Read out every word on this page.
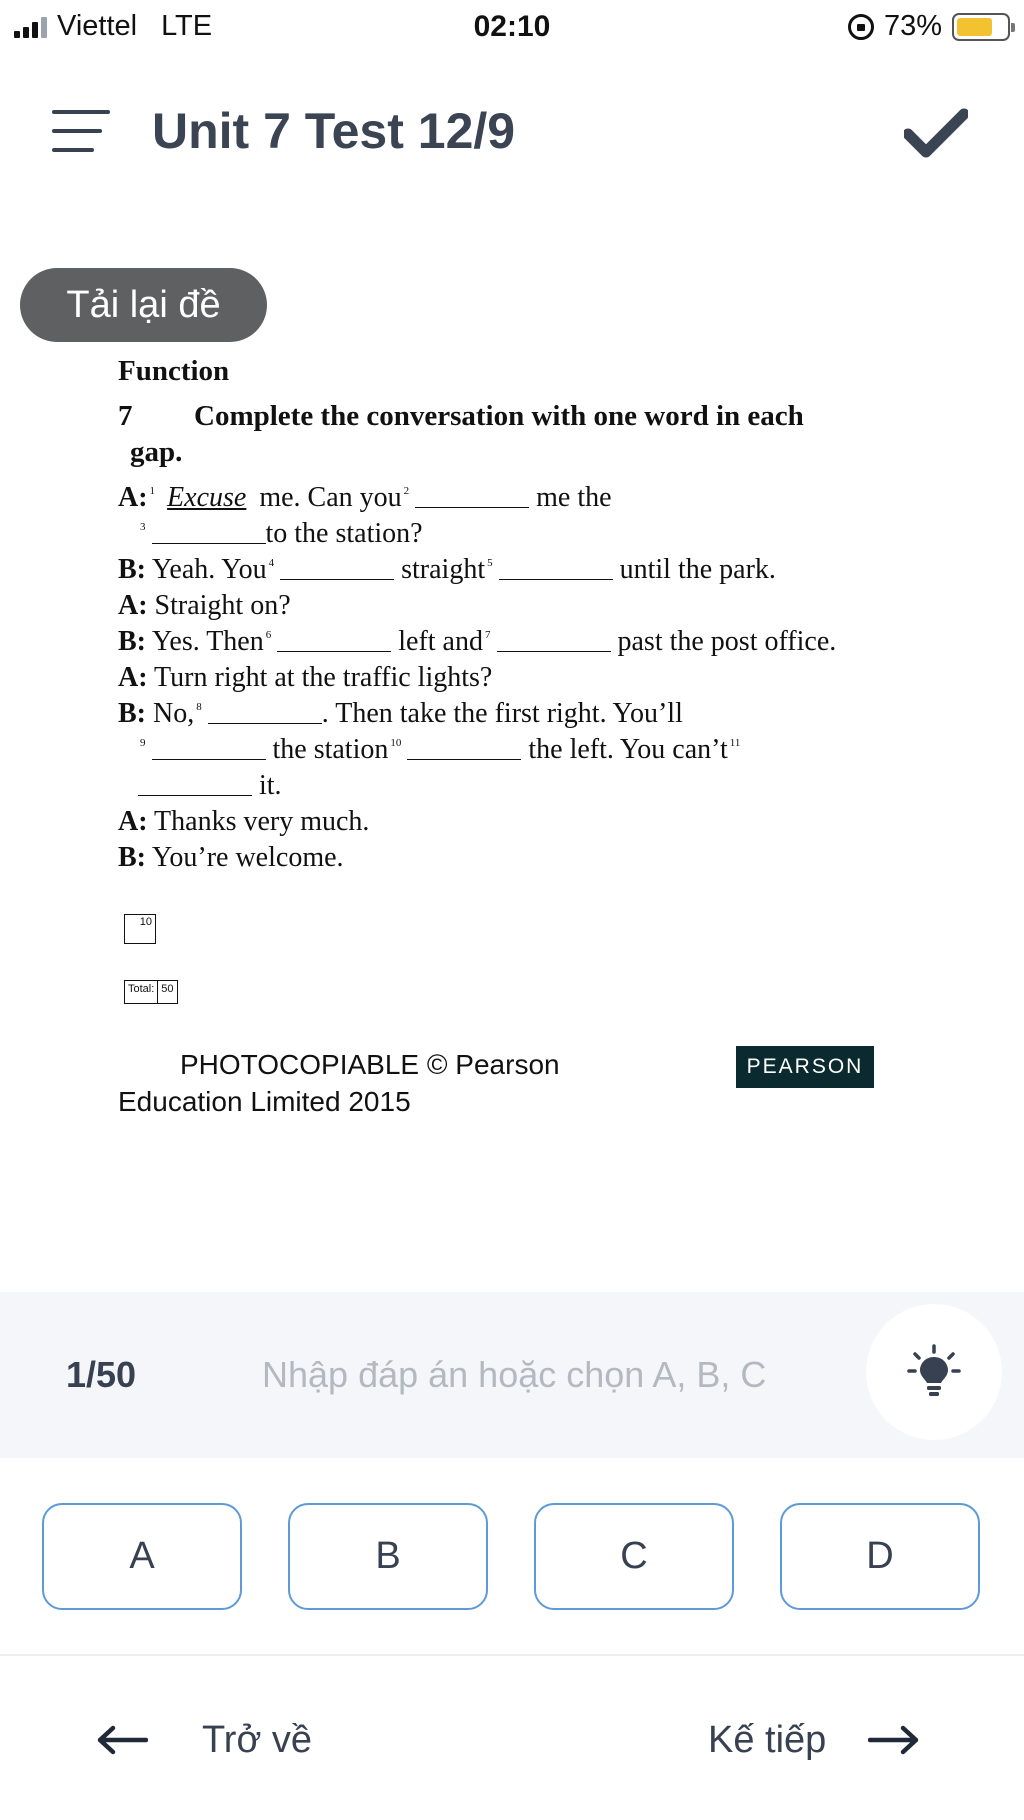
Viettel LTE	02:10	73%
Unit 7 Test 12/9
Tải lại đề
Function
7 Complete the conversation with one word in each
gap.
A: $^1$ Excuse me. Can you $^2$	me the
$^3$	to the station?
B: Yeah. You $^4$	straight $^5$	until the park.
A: Straight on?
B: Yes. Then $^6$	left and $^7$	past the post office.
A: Turn right at the traffic lights?
B: No, $^8$	. Then take the first right. You’ll
$^9$	the station $^{10}$	the left. You can’t $^{11}$
it.
A: Thanks very much.
B: You’re welcome.
10
Total: 50
PHOTOCOPIABLE © Pearson
Education Limited 2015
PEARSON
1/50
Nhập đáp án hoặc chọn A, B, C
A	B	C	D
Trở về	Kế tiếp
